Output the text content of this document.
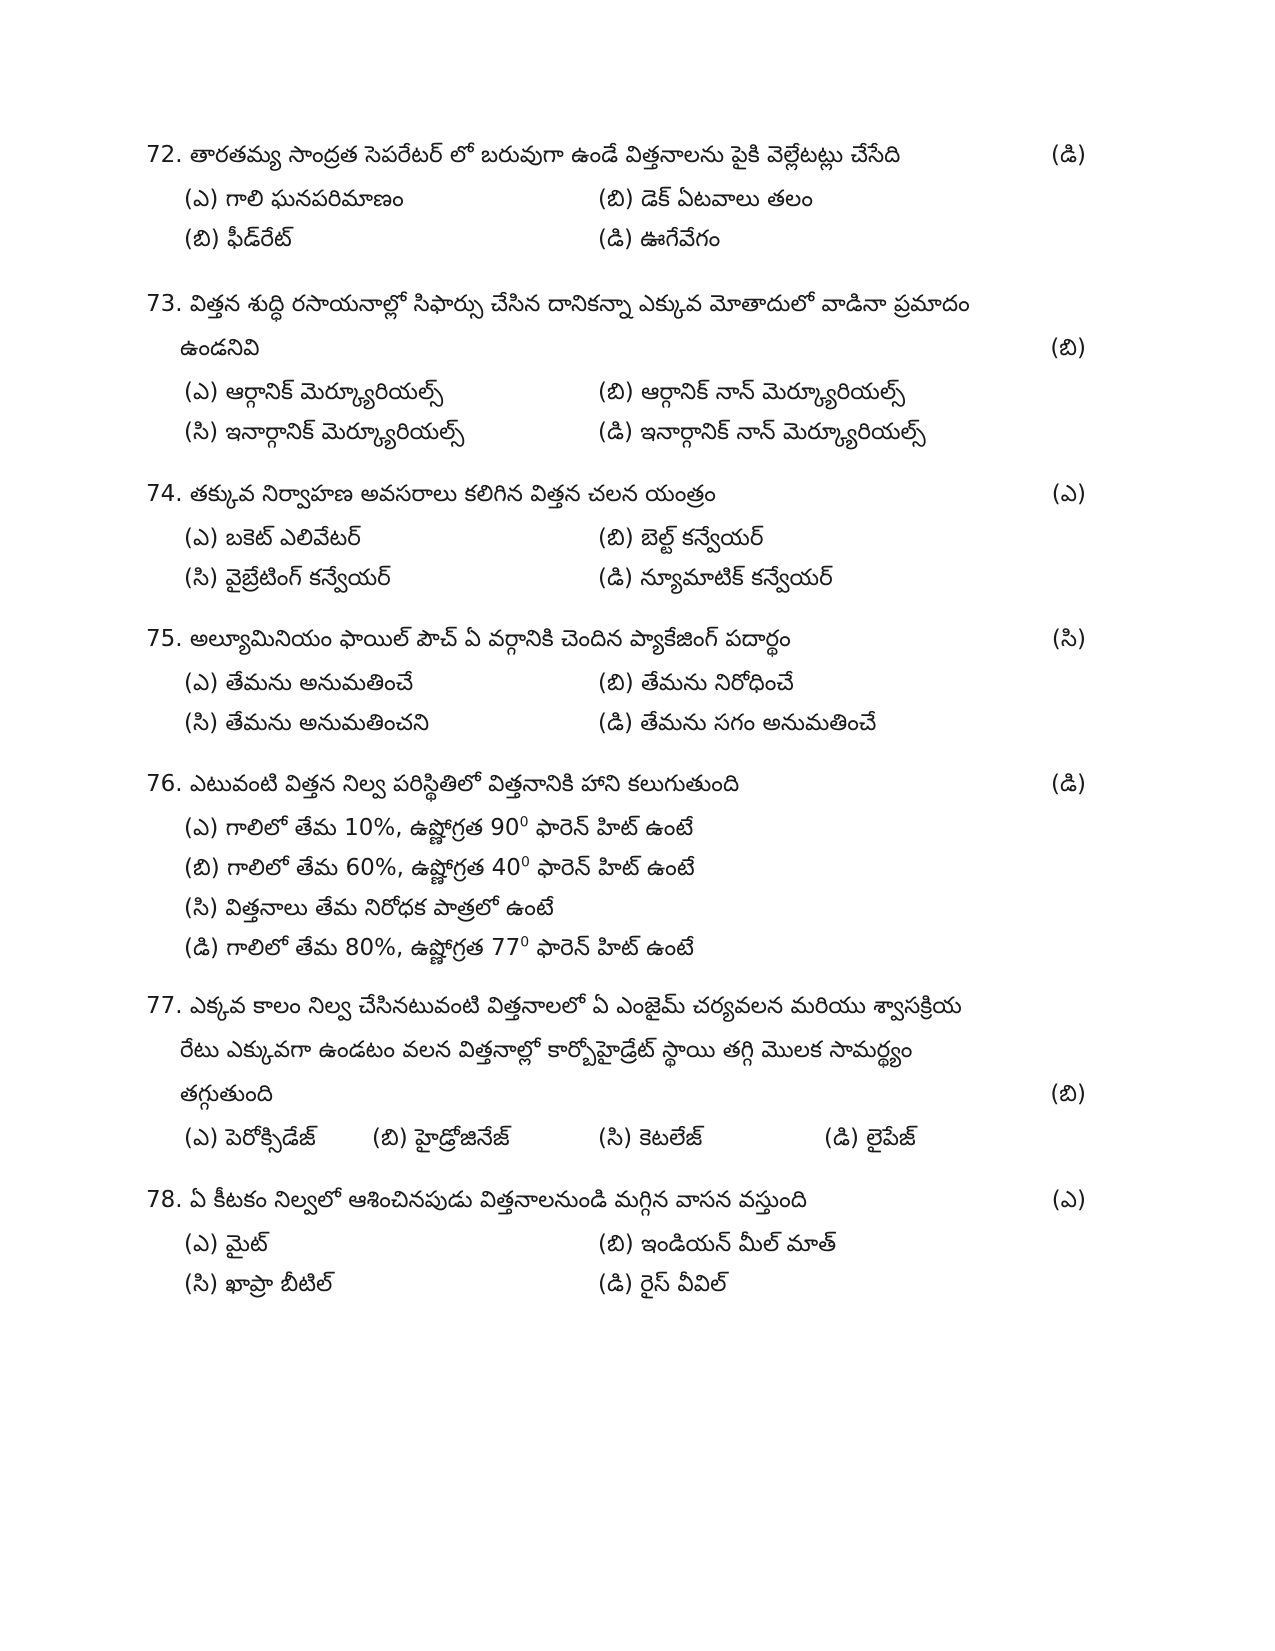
72. తారతమ్య సాంద్రత సెపరేటర్ లో బరువుగా ఉండే విత్తనాలను పైకి వెల్లేటట్లు చేసేది	(డి)
(ఎ) గాలి ఘనపరిమాణం	(బి) డెక్ ఏటవాలు తలం
(బి) ఫీడ్‌రేట్	(డి) ఊగేవేగం
73. విత్తన శుద్ధి రసాయనాల్లో సిఫార్సు చేసిన దానికన్నా ఎక్కువ మోతాదులో వాడినా ప్రమాదం
ఉండనివి	(బి)
(ఎ) ఆర్గానిక్ మెర్క్యూరియల్స్	(బి) ఆర్గానిక్ నాన్ మెర్క్యూరియల్స్
(సి) ఇనార్గానిక్ మెర్క్యూరియల్స్	(డి) ఇనార్గానిక్ నాన్ మెర్క్యూరియల్స్
74. తక్కువ నిర్వాహణ అవసరాలు కలిగిన విత్తన చలన యంత్రం	(ఎ)
(ఎ) బకెట్ ఎలివేటర్	(బి) బెల్ట్ కన్వేయర్
(సి) వైబ్రేటింగ్ కన్వేయర్	(డి) న్యూమాటిక్ కన్వేయర్
75. అల్యూమినియం ఫాయిల్ పౌచ్ ఏ వర్గానికి చెందిన ప్యాకేజింగ్ పదార్థం	(సి)
(ఎ) తేమను అనుమతించే	(బి) తేమను నిరోధించే
(సి) తేమను అనుమతించని	(డి) తేమను సగం అనుమతించే
76. ఎటువంటి విత్తన నిల్వ పరిస్థితిలో విత్తనానికి హాని కలుగుతుంది	(డి)
(ఎ) గాలిలో తేమ 10%, ఉష్ణోగ్రత $90^0$ ఫారెన్ హిట్ ఉంటే
(బి) గాలిలో తేమ 60%, ఉష్ణోగ్రత $40^0$ ఫారెన్ హిట్ ఉంటే
(సి) విత్తనాలు తేమ నిరోధక పాత్రలో ఉంటే
(డి) గాలిలో తేమ 80%, ఉష్ణోగ్రత $77^0$ ఫారెన్ హిట్ ఉంటే
77. ఎక్కవ కాలం నిల్వ చేసినటువంటి విత్తనాలలో ఏ ఎంజైమ్ చర్యవలన మరియు శ్వాసక్రియ
రేటు ఎక్కువగా ఉండటం వలన విత్తనాల్లో కార్బోహైడ్రేట్ స్థాయి తగ్గి మొలక సామర్థ్యం
తగ్గుతుంది	(బి)
(ఎ) పెరోక్సిడేజ్ (బి) హైడ్రోజినేజ్	(సి) కెటలేజ్	(డి) లైపేజ్
78. ఏ కీటకం నిల్వలో ఆశించినపుడు విత్తనాలనుండి మగ్గిన వాసన వస్తుంది	(ఎ)
(ఎ) మైట్	(బి) ఇండియన్ మీల్ మాత్
(సి) ఖాప్రా బీటిల్	(డి) రైస్ వీవిల్
